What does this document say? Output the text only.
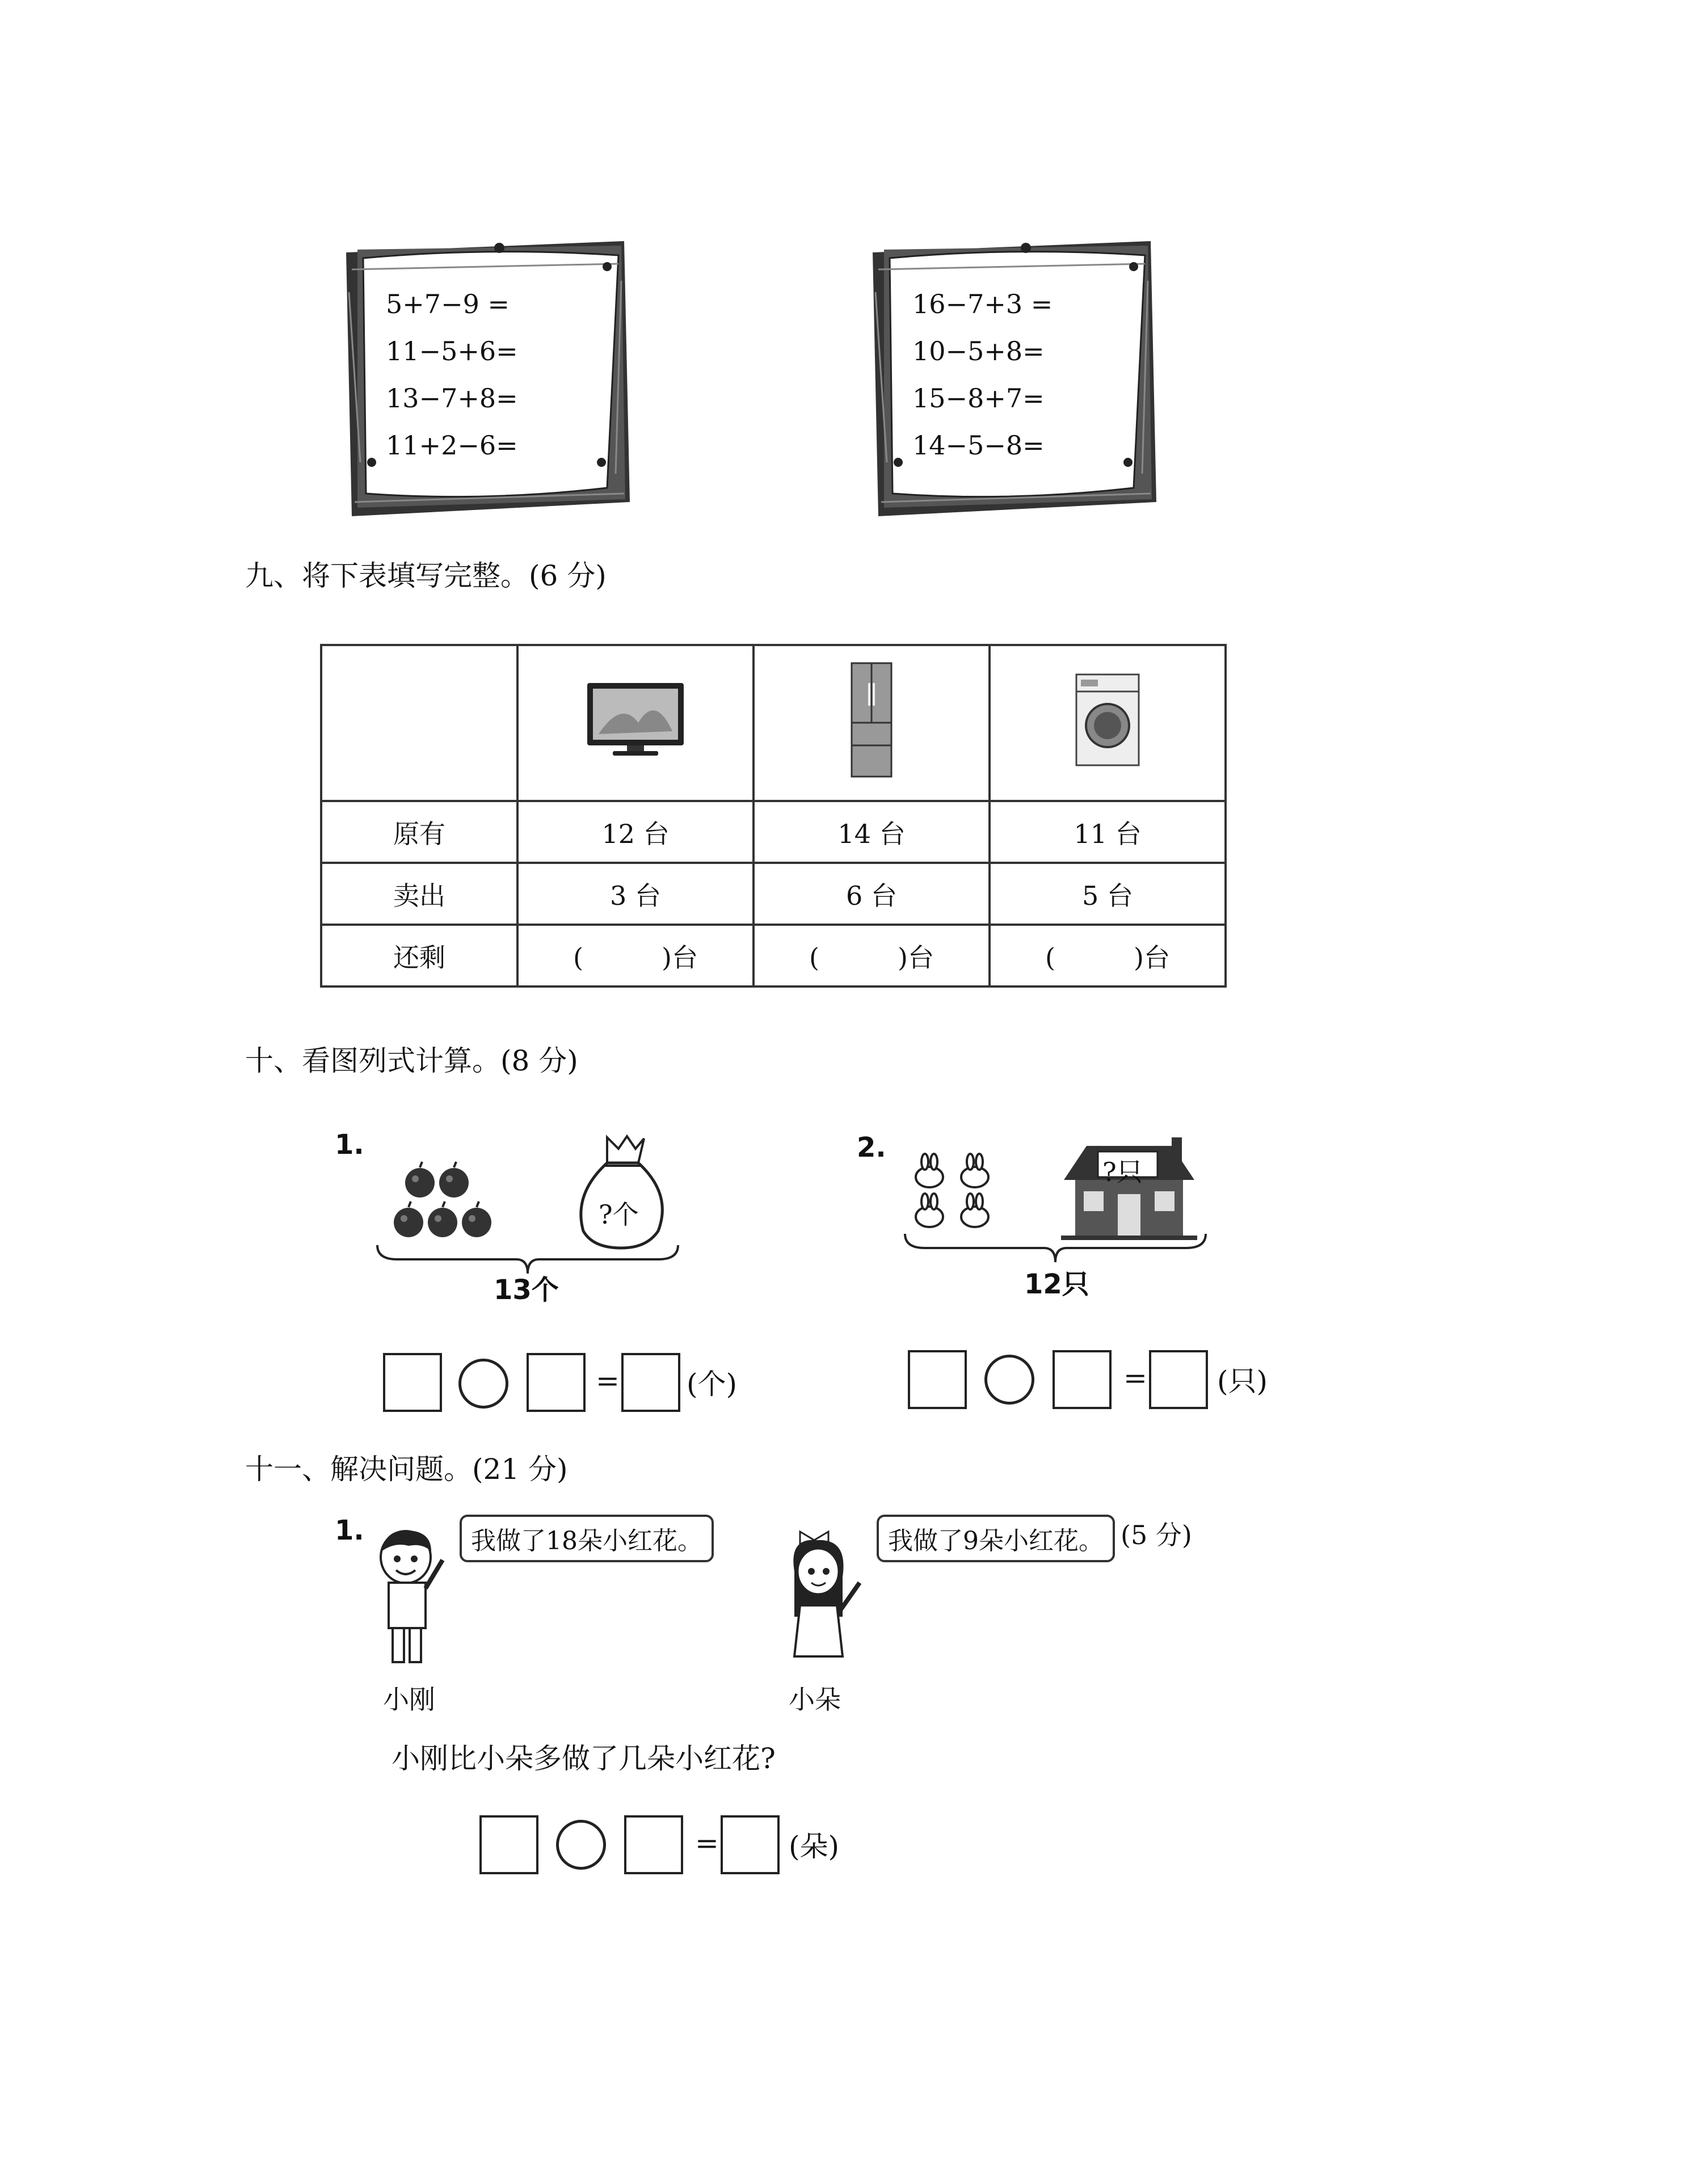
5+7−9 =
11−5+6=
13−7+8=
11+2−6=
16−7+3 =
10−5+8=
15−8+7=
14−5−8=
九、将下表填写完整。(6 分)

原有	12 台	14 台	11 台
卖出	3 台	6 台	5 台
还剩	(　　　)台	(　　　)台	(　　　)台
十、看图列式计算。(8 分)
1.
?个
13个
= (个)
2.
?只
12只
= (只)
十一、解决问题。(21 分)
1.	我做了18朵小红花。
小刚
我做了9朵小红花。 (5 分)
小朵
小刚比小朵多做了几朵小红花?
= (朵)
